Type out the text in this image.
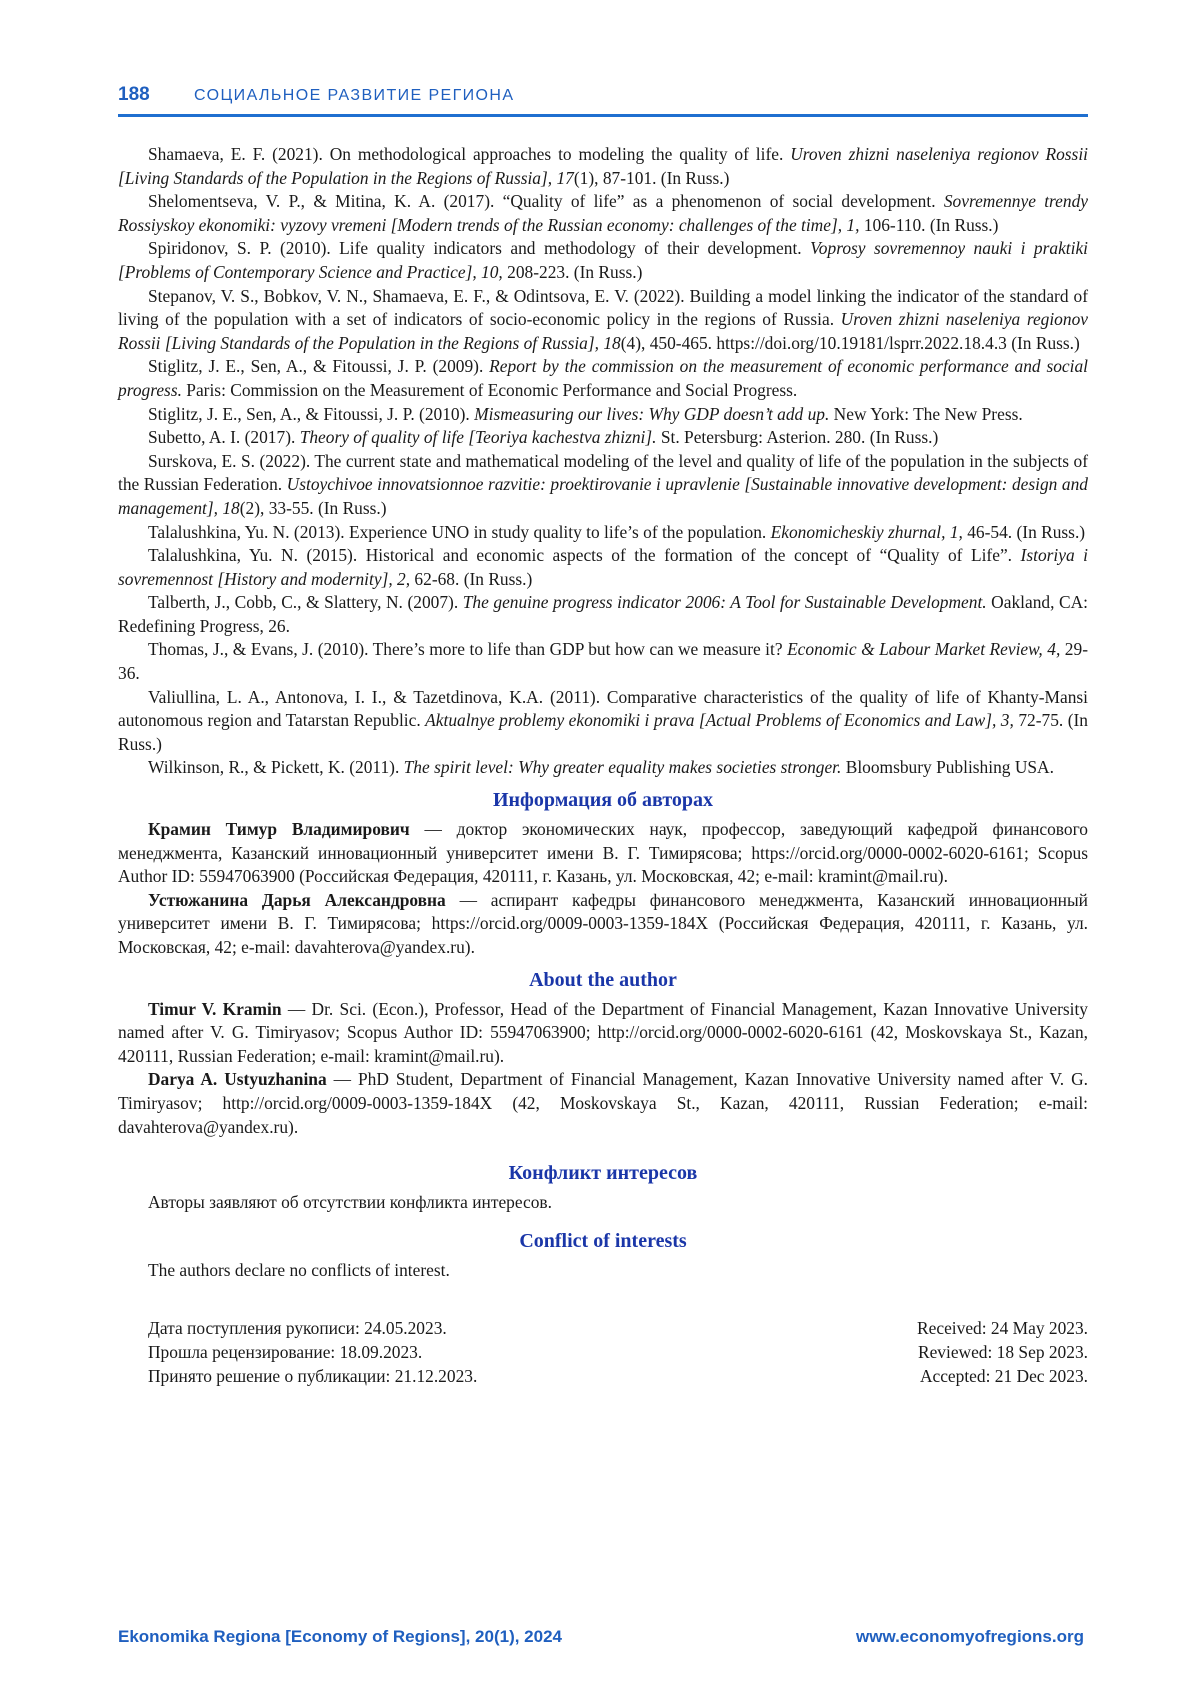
188	СОЦИАЛЬНОЕ РАЗВИТИЕ РЕГИОНА

Shamaeva, E. F. (2021). On methodological approaches to modeling the quality of life. Uroven zhizni naseleniya regionov Rossii [Living Standards of the Population in the Regions of Russia], 17(1), 87-101. (In Russ.)

Shelomentseva, V. P., & Mitina, K. A. (2017). “Quality of life” as a phenomenon of social development. Sovremennye trendy Rossiyskoy ekonomiki: vyzovy vremeni [Modern trends of the Russian economy: challenges of the time], 1, 106-110. (In Russ.)

Spiridonov, S. P. (2010). Life quality indicators and methodology of their development. Voprosy sovremennoy nauki i praktiki [Problems of Contemporary Science and Practice], 10, 208-223. (In Russ.)

Stepanov, V. S., Bobkov, V. N., Shamaeva, E. F., & Odintsova, E. V. (2022). Building a model linking the indicator of the standard of living of the population with a set of indicators of socio-economic policy in the regions of Russia. Uroven zhizni naseleniya regionov Rossii [Living Standards of the Population in the Regions of Russia], 18(4), 450-465. https://doi.org/10.19181/lsprr.2022.18.4.3 (In Russ.)

Stiglitz, J. E., Sen, A., & Fitoussi, J. P. (2009). Report by the commission on the measurement of economic performance and social progress. Paris: Commission on the Measurement of Economic Performance and Social Progress.

Stiglitz, J. E., Sen, A., & Fitoussi, J. P. (2010). Mismeasuring our lives: Why GDP doesn’t add up. New York: The New Press.

Subetto, A. I. (2017). Theory of quality of life [Teoriya kachestva zhizni]. St. Petersburg: Asterion. 280. (In Russ.)

Surskova, E. S. (2022). The current state and mathematical modeling of the level and quality of life of the population in the subjects of the Russian Federation. Ustoychivoe innovatsionnoe razvitie: proektirovanie i upravlenie [Sustainable innovative development: design and management], 18(2), 33-55. (In Russ.)

Talalushkina, Yu. N. (2013). Experience UNO in study quality to life’s of the population. Ekonomicheskiy zhurnal, 1, 46-54. (In Russ.)

Talalushkina, Yu. N. (2015). Historical and economic aspects of the formation of the concept of “Quality of Life”. Istoriya i sovremennost [History and modernity], 2, 62-68. (In Russ.)

Talberth, J., Cobb, C., & Slattery, N. (2007). The genuine progress indicator 2006: A Tool for Sustainable Development. Oakland, CA: Redefining Progress, 26.

Thomas, J., & Evans, J. (2010). There’s more to life than GDP but how can we measure it? Economic & Labour Market Review, 4, 29-36.

Valiullina, L. A., Antonova, I. I., & Tazetdinova, K.A. (2011). Comparative characteristics of the quality of life of Khanty-Mansi autonomous region and Tatarstan Republic. Aktualnye problemy ekonomiki i prava [Actual Problems of Economics and Law], 3, 72-75. (In Russ.)

Wilkinson, R., & Pickett, K. (2011). The spirit level: Why greater equality makes societies stronger. Bloomsbury Publishing USA.

Информация об авторах

Крамин Тимур Владимирович — доктор экономических наук, профессор, заведующий кафедрой финансового менеджмента, Казанский инновационный университет имени В. Г. Тимирясова; https://orcid.org/0000-0002-6020-6161; Scopus Author ID: 55947063900 (Российская Федерация, 420111, г. Казань, ул. Московская, 42; e-mail: kramint@mail.ru).

Устюжанина Дарья Александровна — аспирант кафедры финансового менеджмента, Казанский инновационный университет имени В. Г. Тимирясова; https://orcid.org/0009-0003-1359-184X (Российская Федерация, 420111, г. Казань, ул. Московская, 42; e-mail: davahterova@yandex.ru).

About the author

Timur V. Kramin — Dr. Sci. (Econ.), Professor, Head of the Department of Financial Management, Kazan Innovative University named after V. G. Timiryasov; Scopus Author ID: 55947063900; http://orcid.org/0000-0002-6020-6161 (42, Moskovskaya St., Kazan, 420111, Russian Federation; e-mail: kramint@mail.ru).

Darya A. Ustyuzhanina — PhD Student, Department of Financial Management, Kazan Innovative University named after V. G. Timiryasov; http://orcid.org/0009-0003-1359-184X (42, Moskovskaya St., Kazan, 420111, Russian Federation; e-mail: davahterova@yandex.ru).

Конфликт интересов

Авторы заявляют об отсутствии конфликта интересов.

Conflict of interests

The authors declare no conflicts of interest.

Дата поступления рукописи: 24.05.2023.	Received: 24 May 2023.
Прошла рецензирование: 18.09.2023.	Reviewed: 18 Sep 2023.
Принято решение о публикации: 21.12.2023.	Accepted: 21 Dec 2023.
Ekonomika Regiona [Economy of Regions], 20(1), 2024	www.economyofregions.org
